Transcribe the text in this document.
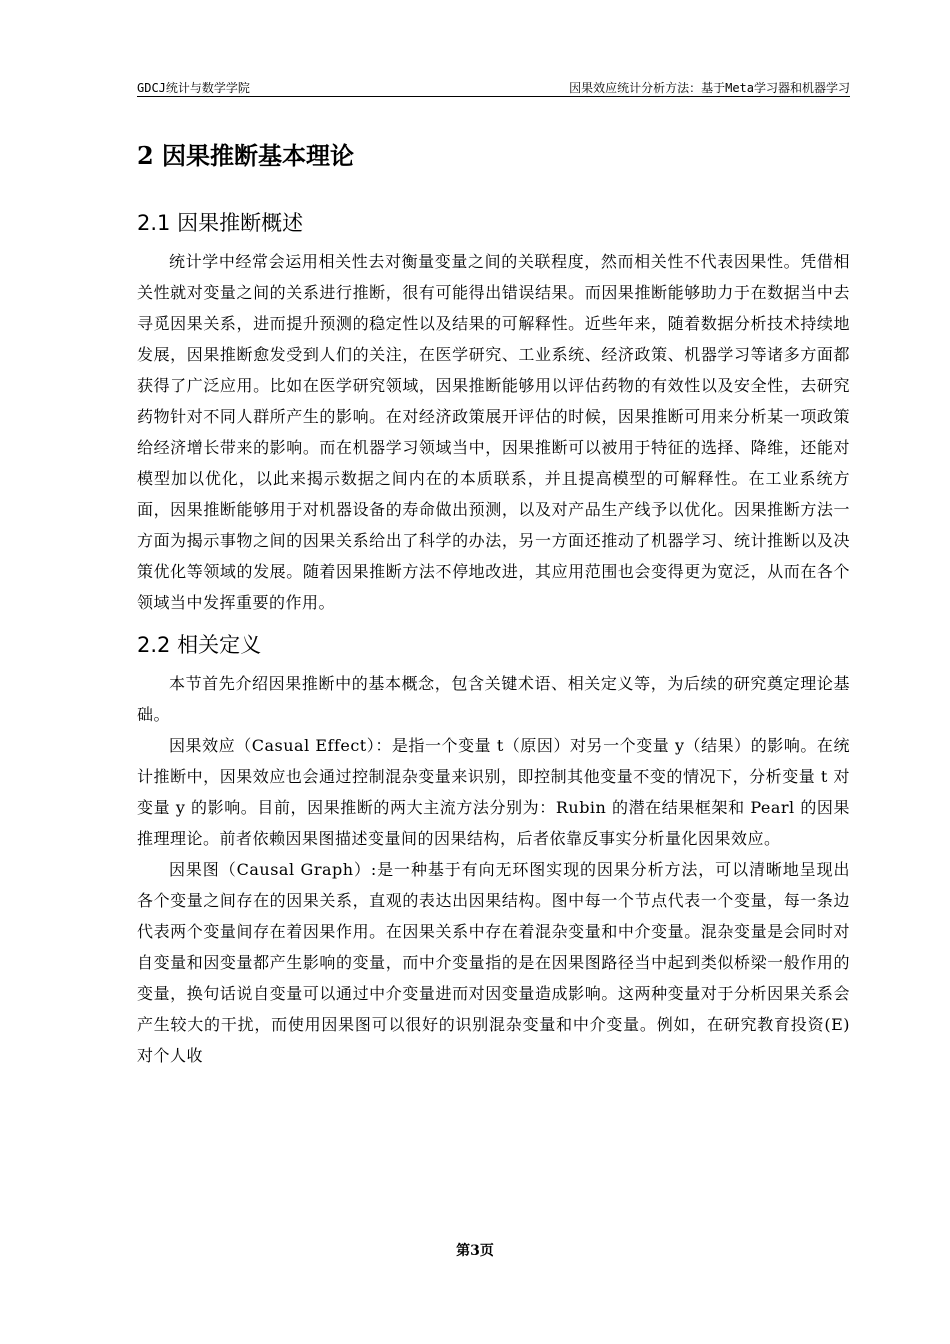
GDCJ统计与数学学院	因果效应统计分析方法：基于Meta学习器和机器学习
2 因果推断基本理论
2.1 因果推断概述

统计学中经常会运用相关性去对衡量变量之间的关联程度，然而相关性不代表因果性。凭借相关性就对变量之间的关系进行推断，很有可能得出错误结果。而因果推断能够助力于在数据当中去寻觅因果关系，进而提升预测的稳定性以及结果的可解释性。近些年来，随着数据分析技术持续地发展，因果推断愈发受到人们的关注，在医学研究、工业系统、经济政策、机器学习等诸多方面都获得了广泛应用。比如在医学研究领域，因果推断能够用以评估药物的有效性以及安全性，去研究药物针对不同人群所产生的影响。在对经济政策展开评估的时候，因果推断可用来分析某一项政策给经济增长带来的影响。而在机器学习领域当中，因果推断可以被用于特征的选择、降维，还能对模型加以优化，以此来揭示数据之间内在的本质联系，并且提高模型的可解释性。在工业系统方面，因果推断能够用于对机器设备的寿命做出预测，以及对产品生产线予以优化。因果推断方法一方面为揭示事物之间的因果关系给出了科学的办法，另一方面还推动了机器学习、统计推断以及决策优化等领域的发展。随着因果推断方法不停地改进，其应用范围也会变得更为宽泛，从而在各个领域当中发挥重要的作用。

2.2 相关定义

本节首先介绍因果推断中的基本概念，包含关键术语、相关定义等，为后续的研究奠定理论基础。

因果效应（Casual Effect）：是指一个变量 t（原因）对另一个变量 y（结果）的影响。在统计推断中，因果效应也会通过控制混杂变量来识别，即控制其他变量不变的情况下，分析变量 t 对变量 y 的影响。目前，因果推断的两大主流方法分别为：Rubin 的潜在结果框架和 Pearl 的因果推理理论。前者依赖因果图描述变量间的因果结构，后者依靠反事实分析量化因果效应。

因果图（Causal Graph）:是一种基于有向无环图实现的因果分析方法，可以清晰地呈现出各个变量之间存在的因果关系，直观的表达出因果结构。图中每一个节点代表一个变量，每一条边代表两个变量间存在着因果作用。在因果关系中存在着混杂变量和中介变量。混杂变量是会同时对自变量和因变量都产生影响的变量，而中介变量指的是在因果图路径当中起到类似桥梁一般作用的变量，换句话说自变量可以通过中介变量进而对因变量造成影响。这两种变量对于分析因果关系会产生较大的干扰，而使用因果图可以很好的识别混杂变量和中介变量。例如，在研究教育投资(E)对个人收

第3页
